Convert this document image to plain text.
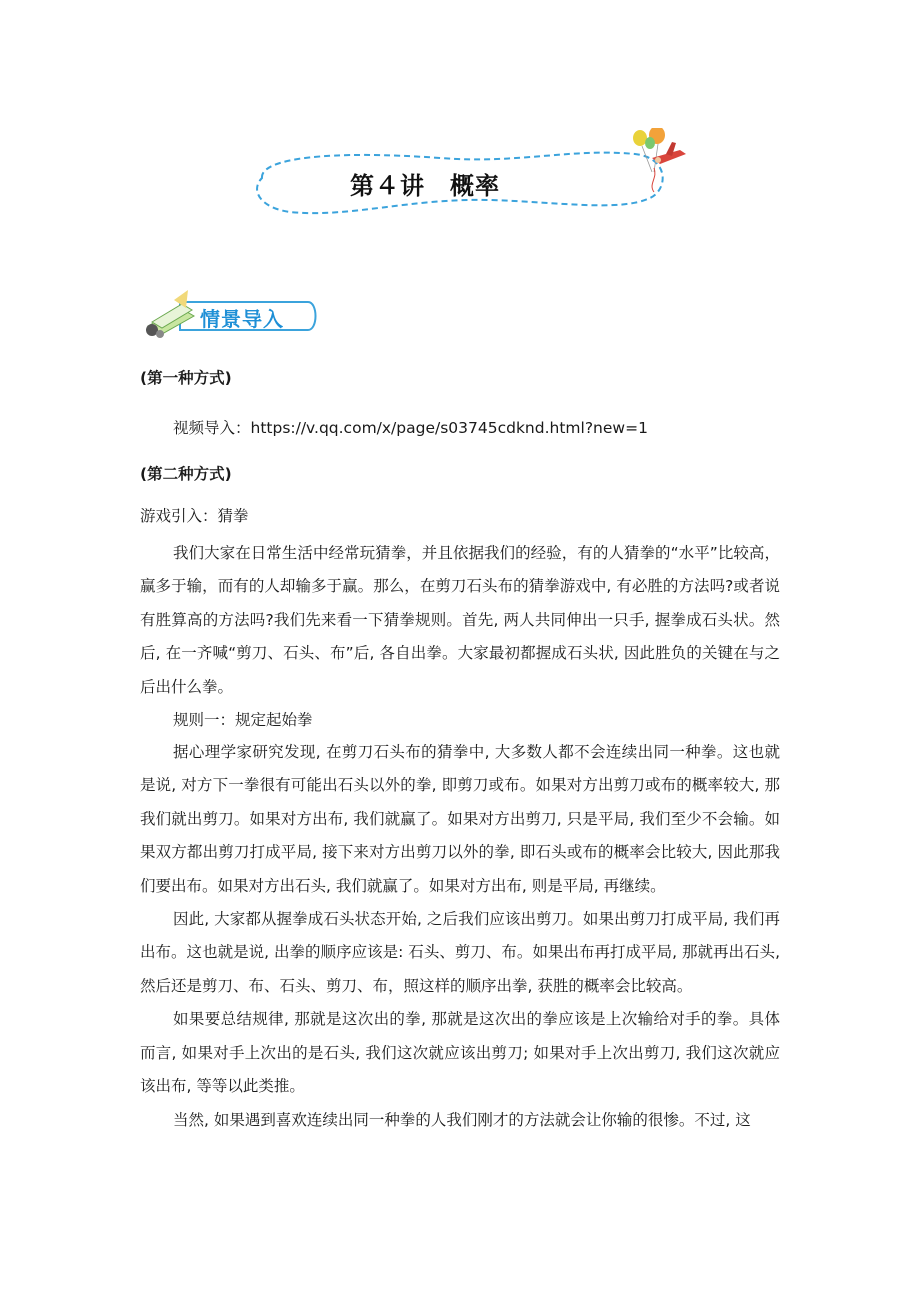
第４讲　概率
情景导入

(第一种方式)

视频导入：https://v.qq.com/x/page/s03745cdknd.html?new=1

(第二种方式)

游戏引入：猜拳

我们大家在日常生活中经常玩猜拳，并且依据我们的经验，有的人猜拳的“水平”比较高，赢多于输，而有的人却输多于赢。那么，在剪刀石头布的猜拳游戏中, 有必胜的方法吗?或者说有胜算高的方法吗?我们先来看一下猜拳规则。首先, 两人共同伸出一只手, 握拳成石头状。然后, 在一齐喊“剪刀、石头、布”后, 各自出拳。大家最初都握成石头状, 因此胜负的关键在与之后出什么拳。

规则一：规定起始拳

据心理学家研究发现, 在剪刀石头布的猜拳中, 大多数人都不会连续出同一种拳。这也就是说, 对方下一拳很有可能出石头以外的拳, 即剪刀或布。如果对方出剪刀或布的概率较大, 那我们就出剪刀。如果对方出布, 我们就赢了。如果对方出剪刀, 只是平局, 我们至少不会输。如果双方都出剪刀打成平局, 接下来对方出剪刀以外的拳, 即石头或布的概率会比较大, 因此那我们要出布。如果对方出石头, 我们就赢了。如果对方出布, 则是平局, 再继续。

因此, 大家都从握拳成石头状态开始, 之后我们应该出剪刀。如果出剪刀打成平局, 我们再出布。这也就是说, 出拳的顺序应该是: 石头、剪刀、布。如果出布再打成平局, 那就再出石头, 然后还是剪刀、布、石头、剪刀、布，照这样的顺序出拳, 获胜的概率会比较高。

如果要总结规律, 那就是这次出的拳, 那就是这次出的拳应该是上次输给对手的拳。具体而言, 如果对手上次出的是石头, 我们这次就应该出剪刀; 如果对手上次出剪刀, 我们这次就应该出布, 等等以此类推。

当然, 如果遇到喜欢连续出同一种拳的人我们刚才的方法就会让你输的很惨。不过, 这
